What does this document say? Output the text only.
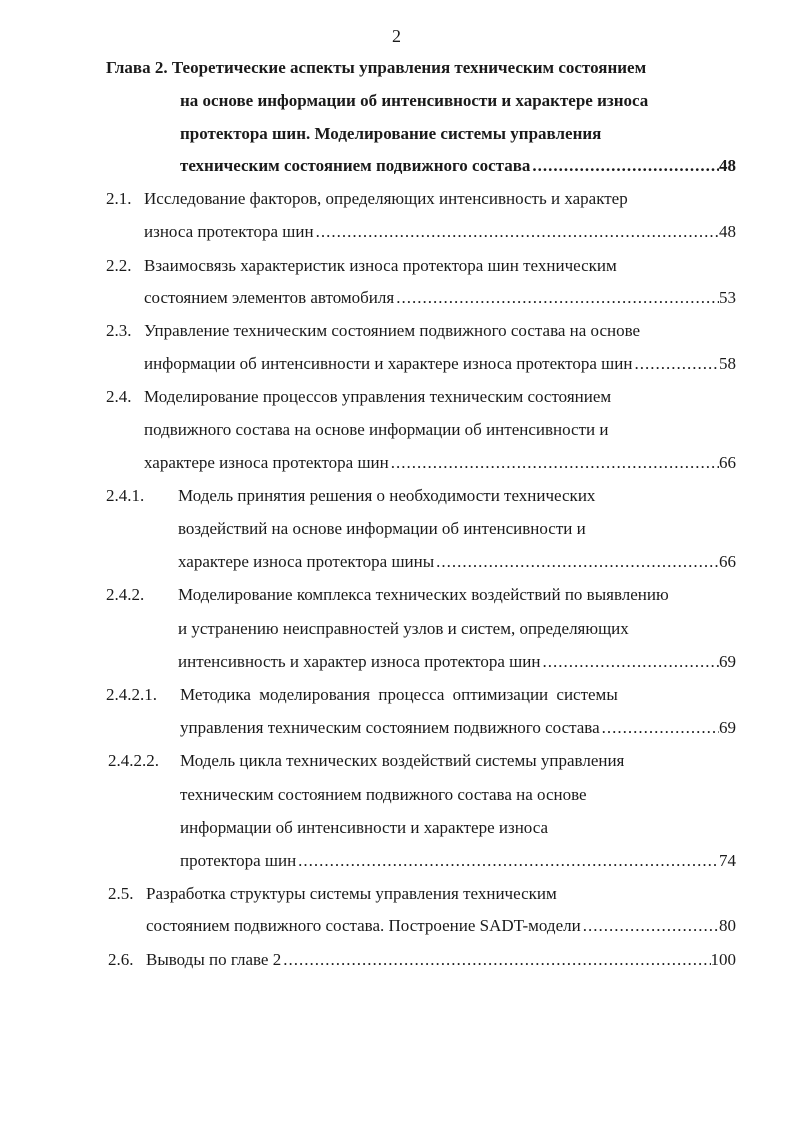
2
Глава 2. Теоретические аспекты управления техническим состоянием
на основе информации об интенсивности и характере износа
протектора шин. Моделирование системы управления
техническим состоянием подвижного состава .....	48
2.1. Исследование факторов, определяющих интенсивность и характер
износа протектора шин .....	48
2.2. Взаимосвязь характеристик износа протектора шин техническим
состоянием элементов автомобиля .....	53
2.3. Управление техническим состоянием подвижного состава на основе
информации об интенсивности и характере износа протектора шин .....	58
2.4. Моделирование процессов управления техническим состоянием
подвижного состава на основе информации об интенсивности и
характере износа протектора шин .....	66
2.4.1. Модель принятия решения о необходимости технических
воздействий на основе информации об интенсивности и
характере износа протектора шины .....	66
2.4.2. Моделирование комплекса технических воздействий по выявлению
и устранению неисправностей узлов и систем, определяющих
интенсивность и характер износа протектора шин .....	69
2.4.2.1. Методика моделирования процесса оптимизации системы
управления техническим состоянием подвижного состава .....	69
2.4.2.2. Модель цикла технических воздействий системы управления
техническим состоянием подвижного состава на основе
информации об интенсивности и характере износа
протектора шин .....	74
2.5. Разработка структуры системы управления техническим
состоянием подвижного состава. Построение SADT-модели .....	80
2.6. Выводы по главе 2 .....	100
